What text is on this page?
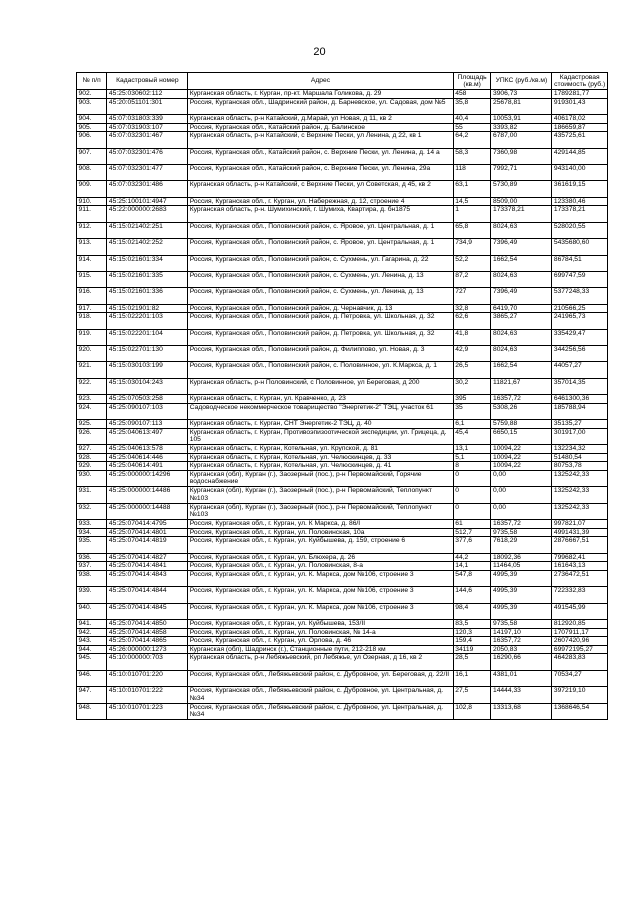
20
№ п/п	Кадастровый номер	Адрес	Площадь (кв.м)	УПКС (руб./кв.м)	Кадастровая стоимость (руб.)
902.	45:25:030602:112	Курганская область, г. Курган, пр-кт. Маршала Голикова, д. 29	458	3906,73	1789281,77
903.	45:20:051101:301	Россия, Курганская обл., Шадринский район, д. Барневское, ул. Садовая, дом №5	35,8	25678,81	919301,43
904.	45:07:031803:339	Курганская область, р-н Катайский, д.Марай, ул Новая, д 11, кв 2	40,4	10053,91	406178,02
905.	45:07:031903:107	Россия, Курганская обл., Катайский район, д. Балинское	55	3393,82	186659,87
906.	45:07:032301:467	Курганская область, р-н Катайский, с Верхние Пески, ул Ленина, д 22, кв 1	64,2	6787,00	435725,61
907.	45:07:032301:476	Россия, Курганская обл., Катайский район, с. Верхние Пески, ул. Ленина, д. 14 а	58,3	7360,98	429144,85
908.	45:07:032301:477	Россия, Курганская обл., Катайский район, с. Верхние Пески, ул. Ленина, 29а	118	7992,71	943140,00
909.	45:07:032301:486	Курганская область, р-н Катайский, с Верхние Пески, ул Советская, д 45, кв 2	63,1	5730,89	361619,15
910.	45:25:100101:4947	Россия, Курганская обл., г. Курган, ул. Набережная, д. 12, строение 4	14,5	8509,00	123380,46
911.	45:22:000000:2683	Курганская область, р-н. Шумихинский, г. Шумиха, Квартира, д. бн1875	1	173378,21	173378,21
912.	45:15:021402:251	Россия, Курганская обл., Половинский район, с. Яровое, ул. Центральная, д. 1	65,8	8024,63	528020,55
913.	45:15:021402:252	Россия, Курганская обл., Половинский район, с. Яровое, ул. Центральная, д. 1	734,9	7396,49	5435680,60
914.	45:15:021601:334	Россия, Курганская обл., Половинский район, с. Сухмень, ул. Гагарина, д. 22	52,2	1662,54	86784,51
915.	45:15:021601:335	Россия, Курганская обл., Половинский район, с. Сухмень, ул. Ленина, д. 13	87,2	8024,63	699747,59
916.	45:15:021601:336	Россия, Курганская обл., Половинский район, с. Сухмень, ул. Ленина, д. 13	727	7396,49	5377248,33
917.	45:15:021901:82	Россия, Курганская обл., Половинский район, д. Чернавчик, д. 13	32,8	6419,70	210566,25
918.	45:15:022201:103	Россия, Курганская обл., Половинский район, д. Петровка, ул. Школьная, д. 32	62,6	3865,27	241965,73
919.	45:15:022201:104	Россия, Курганская обл., Половинский район, д. Петровка, ул. Школьная, д. 32	41,8	8024,63	335429,47
920.	45:15:022701:130	Россия, Курганская обл., Половинский район, д. Филиппово, ул. Новая, д. 3	42,9	8024,63	344256,56
921.	45:15:030103:199	Россия, Курганская обл., Половинский район, с. Половинное, ул. К.Маркса, д. 1	26,5	1662,54	44057,27
922.	45:15:030104:243	Курганская область, р-н Половинский, с Половинное, ул Береговая, д 200	30,2	11821,67	357014,35
923.	45:25:070503:258	Курганская область, г. Курган, ул. Кравченко, д. 23	395	16357,72	6461300,36
924.	45:25:090107:103	Садоводческое некоммерческое товарищество "Энергетик-2" ТЭЦ, участок 61	35	5308,26	185788,94
925.	45:25:090107:113	Курганская область, г. Курган, СНТ Энергетик-2 ТЭЦ, д. 40	6,1	5759,88	35135,27
926.	45:25:040613:497	Курганская область, г. Курган, Противоэпизоотической экспедиции, ул. Грицеца, д. 105	45,4	6650,15	301917,00
927.	45:25:040613:578	Курганская область, г. Курган, Котельная, ул. Крупской, д. 81	13,1	10094,22	132234,32
928.	45:25:040614:446	Курганская область, г. Курган, Котельная, ул. Челюскинцев, д. 33	5,1	10094,22	51480,54
929.	45:25:040614:491	Курганская область, г. Курган, Котельная, ул. Челюскинцев, д. 41	8	10094,22	80753,78
930.	45:25:000000:14296	Курганская (обл), Курган (г.), Заозерный (пос.), р-н Первомайский, Горячие водоснабжение	0	0,00	1325242,33
931.	45:25:000000:14486	Курганская (обл), Курган (г.), Заозерный (пос.), р-н Первомайский, Теплопункт №103	0	0,00	1325242,33
932.	45:25:000000:14488	Курганская (обл), Курган (г.), Заозерный (пос.), р-н Первомайский, Теплопункт №103	0	0,00	1325242,33
933.	45:25:070414:4795	Россия, Курганская обл., г. Курган, ул. К Маркса, д. 86/I	61	16357,72	997821,07
934.	45:25:070414:4801	Россия, Курганская обл., г. Курган, ул. Половинская, 10а	512,7	9735,58	4991431,39
935.	45:25:070414:4819	Россия, Курганская обл., г. Курган, ул. Куйбышева, д. 159, строение 6	377,6	7618,29	2876667,51
936.	45:25:070414:4827	Россия, Курганская обл., г. Курган, ул. Блюхера, д. 26	44,2	18092,36	799682,41
937.	45:25:070414:4841	Россия, Курганская обл., г. Курган, ул. Половинская, 8-а	14,1	11464,05	161643,13
938.	45:25:070414:4843	Россия, Курганская обл., г. Курган, ул. К. Маркса, дом №106, строение 3	547,8	4995,39	2736472,51
939.	45:25:070414:4844	Россия, Курганская обл., г. Курган, ул. К. Маркса, дом №106, строение 3	144,6	4995,39	722332,83
940.	45:25:070414:4845	Россия, Курганская обл., г. Курган, ул. К. Маркса, дом №106, строение 3	98,4	4995,39	491545,99
941.	45:25:070414:4850	Россия, Курганская обл., г. Курган, ул. Куйбышева, 153/II	83,5	9735,58	812920,85
942.	45:25:070414:4858	Россия, Курганская обл., г. Курган, ул. Половинская, № 14-а	120,3	14197,10	1707911,17
943.	45:25:070414:4865	Россия, Курганская обл., г. Курган, ул. Орлова, д. 46	159,4	16357,72	2607420,96
944.	45:26:000000:1273	Курганская (обл), Шадринск (г.), Станционные пути, 212-218 км	34119	2050,83	69972195,27
945.	45:10:000000:703	Курганская область, р-н Лебяжьевский, рп Лебяжье, ул Озерная, д 16, кв 2	28,5	16290,66	464283,83
946.	45:10:010701:220	Россия, Курганская обл., Лебяжьевский район, с. Дубровное, ул. Береговая, д. 22/II	16,1	4381,01	70534,27
947.	45:10:010701:222	Россия, Курганская обл., Лебяжьевский район, с. Дубровное, ул. Центральная, д. №34	27,5	14444,33	397219,10
948.	45:10:010701:223	Россия, Курганская обл., Лебяжьевский район, с. Дубровное, ул. Центральная, д. №34	102,8	13313,68	1368646,54
